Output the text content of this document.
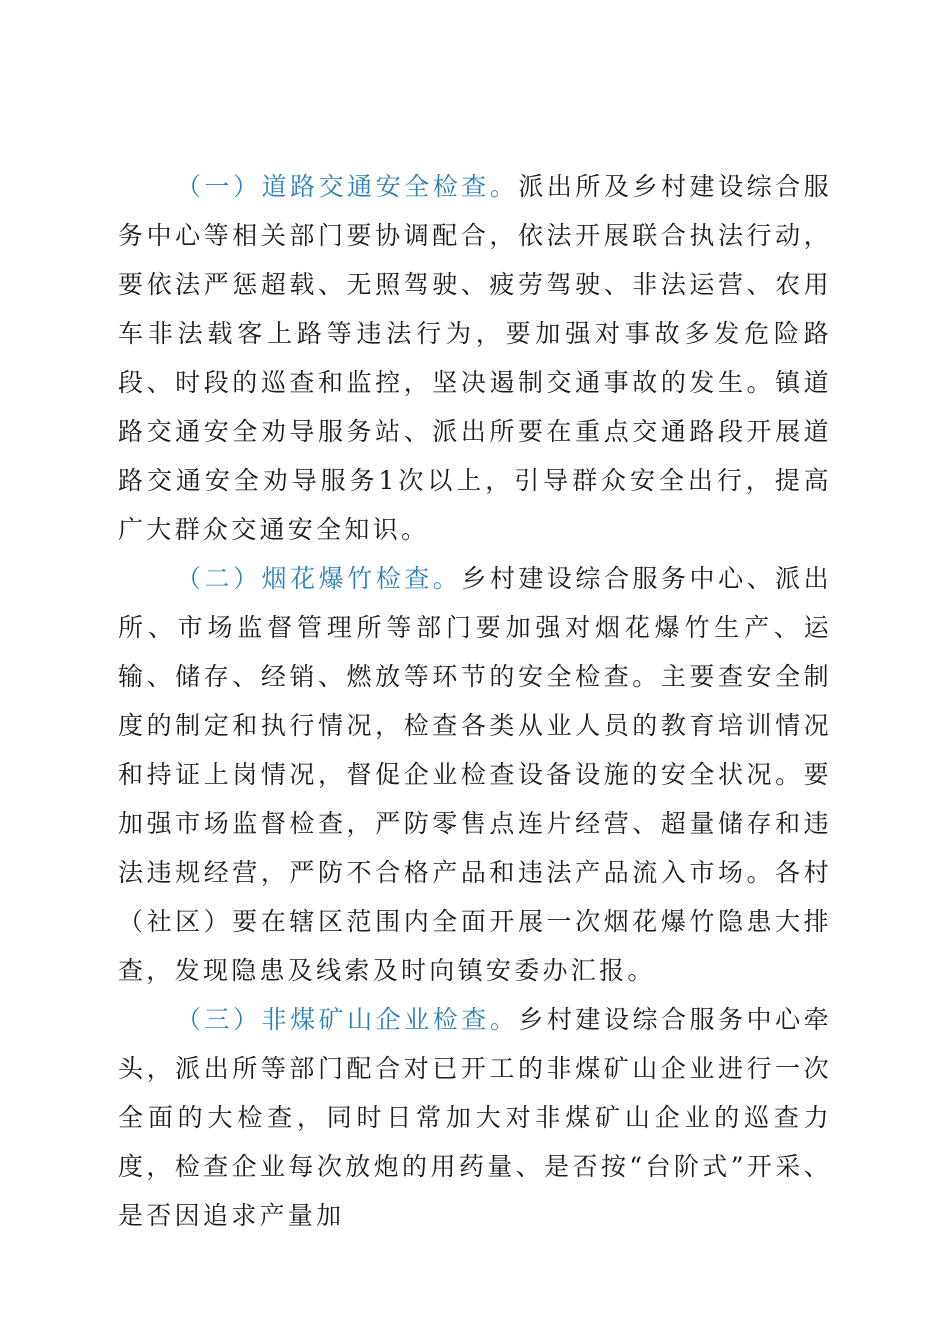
（一）道路交通安全检查。派出所及乡村建设综合服务中心等相关部门要协调配合，依法开展联合执法行动，要依法严惩超载、无照驾驶、疲劳驾驶、非法运营、农用车非法载客上路等违法行为，要加强对事故多发危险路段、时段的巡查和监控，坚决遏制交通事故的发生。镇道路交通安全劝导服务站、派出所要在重点交通路段开展道路交通安全劝导服务1次以上，引导群众安全出行，提高广大群众交通安全知识。

（二）烟花爆竹检查。乡村建设综合服务中心、派出所、市场监督管理所等部门要加强对烟花爆竹生产、运输、储存、经销、燃放等环节的安全检查。主要查安全制度的制定和执行情况，检查各类从业人员的教育培训情况和持证上岗情况，督促企业检查设备设施的安全状况。要加强市场监督检查，严防零售点连片经营、超量储存和违法违规经营，严防不合格产品和违法产品流入市场。各村（社区）要在辖区范围内全面开展一次烟花爆竹隐患大排查，发现隐患及线索及时向镇安委办汇报。

（三）非煤矿山企业检查。乡村建设综合服务中心牵头，派出所等部门配合对已开工的非煤矿山企业进行一次全面的大检查，同时日常加大对非煤矿山企业的巡查力度，检查企业每次放炮的用药量、是否按“台阶式”开采、是否因追求产量加
